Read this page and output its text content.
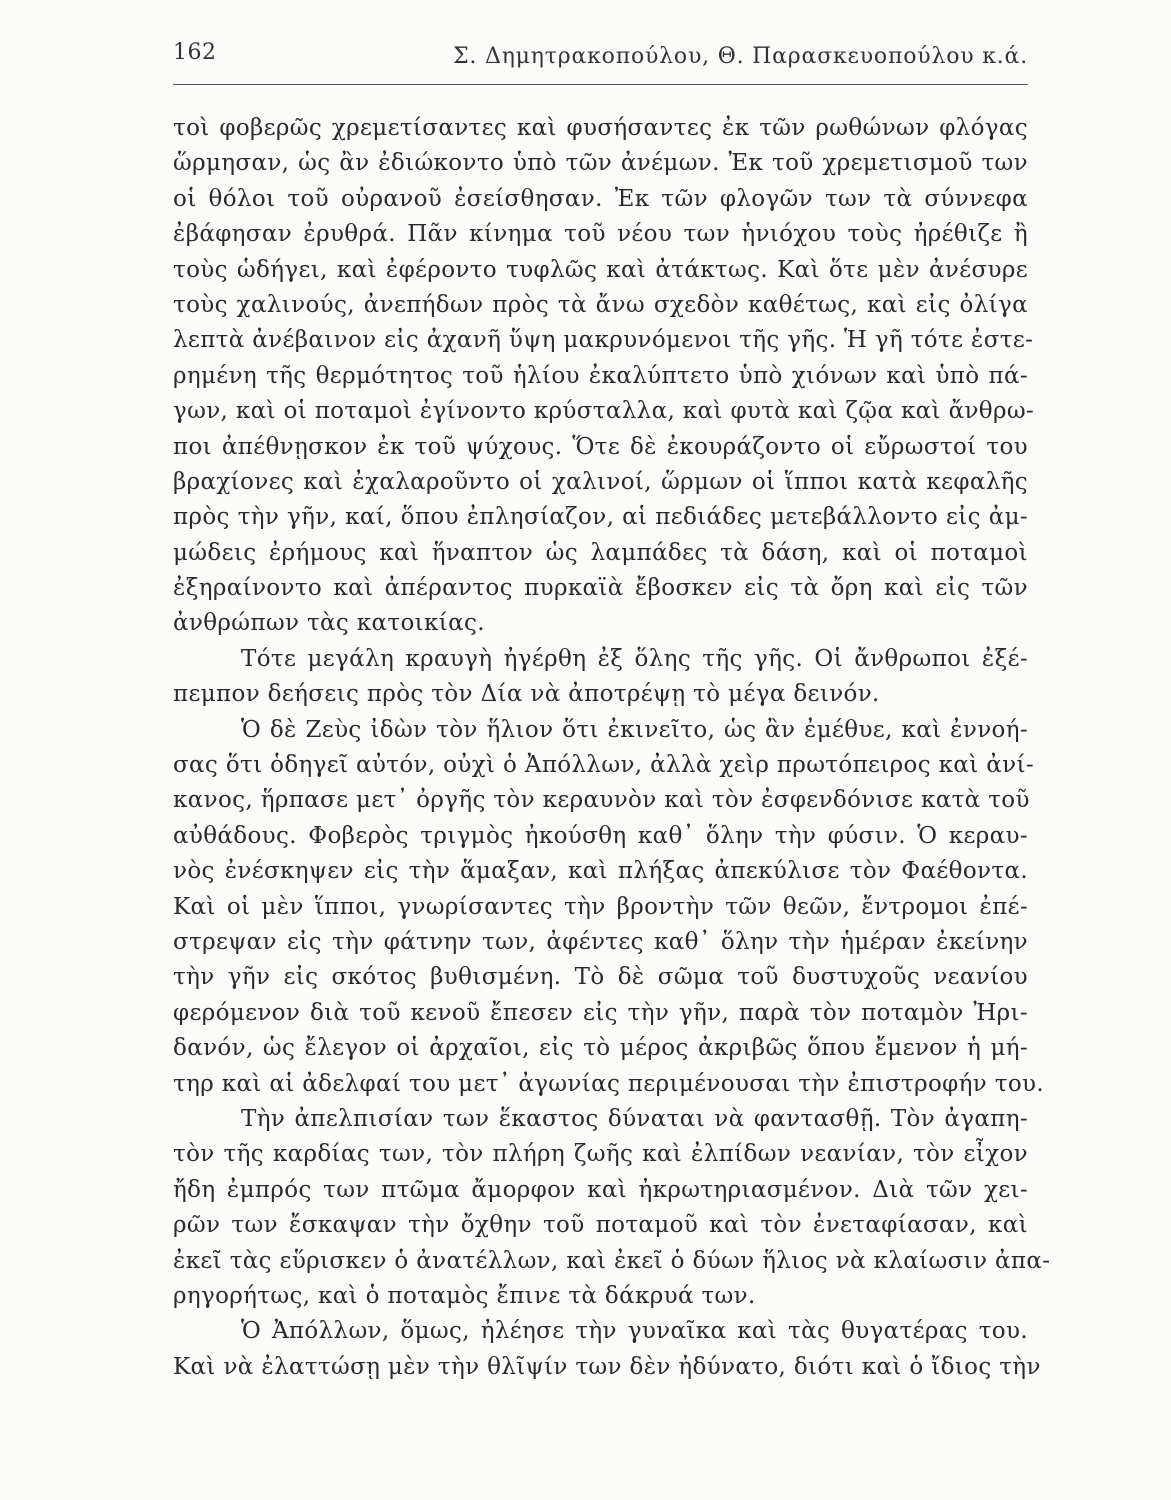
162	Σ. Δημητρακοπούλου, Θ. Παρασκευοπούλου κ.ά.
τοὶ φοβερῶς χρεμετίσαντες καὶ φυσήσαντες ἐκ τῶν ρωθώνων φλόγας
ὥρμησαν, ὡς ἂν ἐδιώκοντο ὑπὸ τῶν ἀνέμων. Ἐκ τοῦ χρεμετισμοῦ των
οἱ θόλοι τοῦ οὐρανοῦ ἐσείσθησαν. Ἐκ τῶν φλογῶν των τὰ σύννεφα
ἐβάφησαν ἐρυθρά. Πᾶν κίνημα τοῦ νέου των ἡνιόχου τοὺς ἠρέθιζε ἢ
τοὺς ὡδήγει, καὶ ἐφέροντο τυφλῶς καὶ ἀτάκτως. Καὶ ὅτε μὲν ἀνέσυρε
τοὺς χαλινούς, ἀνεπήδων πρὸς τὰ ἄνω σχεδὸν καθέτως, καὶ εἰς ὀλίγα
λεπτὰ ἀνέβαινον εἰς ἀχανῆ ὕψη μακρυνόμενοι τῆς γῆς. Ἡ γῆ τότε ἐστε-
ρημένη τῆς θερμότητος τοῦ ἡλίου ἐκαλύπτετο ὑπὸ χιόνων καὶ ὑπὸ πά-
γων, καὶ οἱ ποταμοὶ ἐγίνοντο κρύσταλλα, καὶ φυτὰ καὶ ζῷα καὶ ἄνθρω-
ποι ἀπέθνῃσκον ἐκ τοῦ ψύχους. Ὅτε δὲ ἐκουράζοντο οἱ εὔρωστοί του
βραχίονες καὶ ἐχαλαροῦντο οἱ χαλινοί, ὥρμων οἱ ἵπποι κατὰ κεφαλῆς
πρὸς τὴν γῆν, καί, ὅπου ἐπλησίαζον, αἱ πεδιάδες μετεβάλλοντο εἰς ἀμ-
μώδεις ἐρήμους καὶ ἥναπτον ὡς λαμπάδες τὰ δάση, καὶ οἱ ποταμοὶ
ἐξηραίνοντο καὶ ἀπέραντος πυρκαϊὰ ἔβοσκεν εἰς τὰ ὄρη καὶ εἰς τῶν
ἀνθρώπων τὰς κατοικίας.
Τότε μεγάλη κραυγὴ ἠγέρθη ἐξ ὅλης τῆς γῆς. Οἱ ἄνθρωποι ἐξέ-
πεμπον δεήσεις πρὸς τὸν Δία νὰ ἀποτρέψῃ τὸ μέγα δεινόν.
Ὁ δὲ Ζεὺς ἰδὼν τὸν ἥλιον ὅτι ἐκινεῖτο, ὡς ἂν ἐμέθυε, καὶ ἐννοή-
σας ὅτι ὁδηγεῖ αὐτόν, οὐχὶ ὁ Ἀπόλλων, ἀλλὰ χεὶρ πρωτόπειρος καὶ ἀνί-
κανος, ἥρπασε μετ᾽ ὀργῆς τὸν κεραυνὸν καὶ τὸν ἐσφενδόνισε κατὰ τοῦ
αὐθάδους. Φοβερὸς τριγμὸς ἠκούσθη καθ᾽ ὅλην τὴν φύσιν. Ὁ κεραυ-
νὸς ἐνέσκηψεν εἰς τὴν ἅμαξαν, καὶ πλήξας ἀπεκύλισε τὸν Φαέθοντα.
Καὶ οἱ μὲν ἵπποι, γνωρίσαντες τὴν βροντὴν τῶν θεῶν, ἔντρομοι ἐπέ-
στρεψαν εἰς τὴν φάτνην των, ἀφέντες καθ᾽ ὅλην τὴν ἡμέραν ἐκείνην
τὴν γῆν εἰς σκότος βυθισμένη. Τὸ δὲ σῶμα τοῦ δυστυχοῦς νεανίου
φερόμενον διὰ τοῦ κενοῦ ἔπεσεν εἰς τὴν γῆν, παρὰ τὸν ποταμὸν Ἠρι-
δανόν, ὡς ἔλεγον οἱ ἀρχαῖοι, εἰς τὸ μέρος ἀκριβῶς ὅπου ἔμενον ἡ μή-
τηρ καὶ αἱ ἀδελφαί του μετ᾽ ἀγωνίας περιμένουσαι τὴν ἐπιστροφήν του.
Τὴν ἀπελπισίαν των ἕκαστος δύναται νὰ φαντασθῇ. Τὸν ἀγαπη-
τὸν τῆς καρδίας των, τὸν πλήρη ζωῆς καὶ ἐλπίδων νεανίαν, τὸν εἶχον
ἤδη ἐμπρός των πτῶμα ἄμορφον καὶ ἠκρωτηριασμένον. Διὰ τῶν χει-
ρῶν των ἔσκαψαν τὴν ὄχθην τοῦ ποταμοῦ καὶ τὸν ἐνεταφίασαν, καὶ
ἐκεῖ τὰς εὕρισκεν ὁ ἀνατέλλων, καὶ ἐκεῖ ὁ δύων ἥλιος νὰ κλαίωσιν ἀπα-
ρηγορήτως, καὶ ὁ ποταμὸς ἔπινε τὰ δάκρυά των.
Ὁ Ἀπόλλων, ὅμως, ἠλέησε τὴν γυναῖκα καὶ τὰς θυγατέρας του.
Καὶ νὰ ἐλαττώσῃ μὲν τὴν θλῖψίν των δὲν ἠδύνατο, διότι καὶ ὁ ἴδιος τὴν
